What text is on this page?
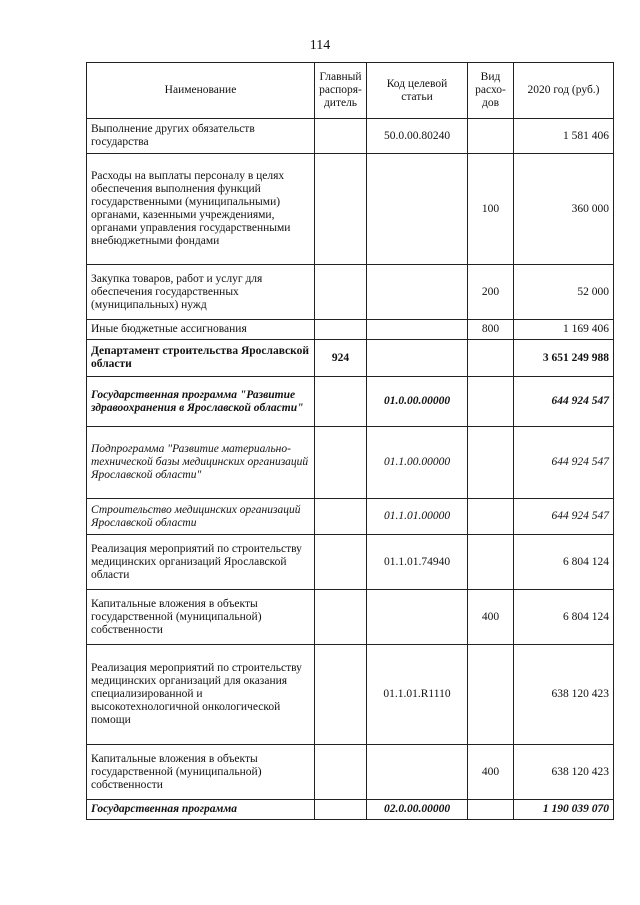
114
Наименование	Главный распоря-дитель	Код целевой статьи	Вид расхо-дов	2020 год (руб.)
Выполнение других обязательств государства		50.0.00.80240		1 581 406
Расходы на выплаты персоналу в целях обеспечения выполнения функций государственными (муниципальными) органами, казенными учреждениями, органами управления государственными внебюджетными фондами			100	360 000
Закупка товаров, работ и услуг для обеспечения государственных (муниципальных) нужд			200	52 000
Иные бюджетные ассигнования			800	1 169 406
Департамент строительства Ярославской области	924			3 651 249 988
Государственная программа "Развитие здравоохранения в Ярославской области"		01.0.00.00000		644 924 547
Подпрограмма "Развитие материально-технической базы медицинских организаций Ярославской области"		01.1.00.00000		644 924 547
Строительство медицинских организаций Ярославской области		01.1.01.00000		644 924 547
Реализация мероприятий по строительству медицинских организаций Ярославской области		01.1.01.74940		6 804 124
Капитальные вложения в объекты государственной (муниципальной) собственности			400	6 804 124
Реализация мероприятий по строительству медицинских организаций для оказания специализированной и высокотехнологичной онкологической помощи		01.1.01.R1110		638 120 423
Капитальные вложения в объекты государственной (муниципальной) собственности			400	638 120 423
Государственная программа		02.0.00.00000		1 190 039 070
